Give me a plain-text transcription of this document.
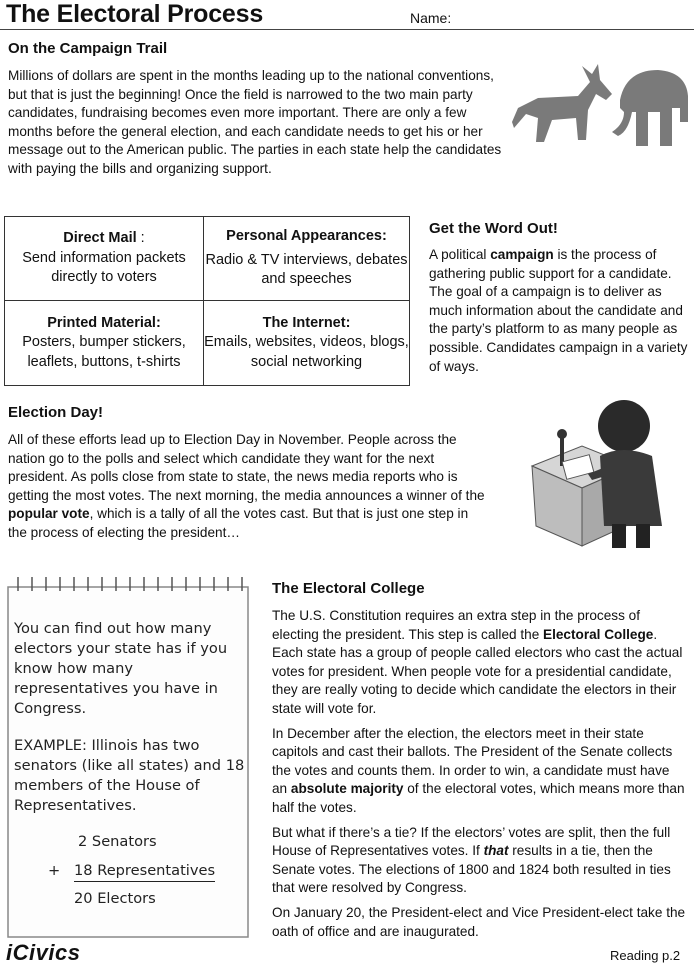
The Electoral Process	Name:
On the Campaign Trail

Millions of dollars are spent in the months leading up to the national conventions, but that is just the beginning! Once the field is narrowed to the two main party candidates, fundraising becomes even more important. There are only a few months before the general election, and each candidate needs to get his or her message out to the American public. The parties in each state help the candidates with paying the bills and organizing support.

Direct Mail :
Send information packets directly to voters
Personal Appearances:
Radio & TV interviews, debates and speeches
Printed Material:
Posters, bumper stickers, leaflets, buttons, t-shirts
The Internet:
Emails, websites, videos, blogs, social networking
Get the Word Out!

A political campaign is the process of gathering public support for a candidate. The goal of a campaign is to deliver as much information about the candidate and the party’s platform to as many people as possible. Candidates campaign in a variety of ways.

Election Day!

All of these efforts lead up to Election Day in November. People across the nation go to the polls and select which candidate they want for the next president. As polls close from state to state, the news media reports who is getting the most votes. The next morning, the media announces a winner of the popular vote, which is a tally of all the votes cast. But that is just one step in the process of electing the president…

You can find out how many electors your state has if you know how many representatives you have in Congress.
EXAMPLE: Illinois has two senators (like all states) and 18 members of the House of Representatives.
2 Senators
+ 18 Representatives
20 Electors
The Electoral College

The U.S. Constitution requires an extra step in the process of electing the president. This step is called the Electoral College. Each state has a group of people called electors who cast the actual votes for president. When people vote for a presidential candidate, they are really voting to decide which candidate the electors in their state will vote for.

In December after the election, the electors meet in their state capitols and cast their ballots. The President of the Senate collects the votes and counts them. In order to win, a candidate must have an absolute majority of the electoral votes, which means more than half the votes.

But what if there’s a tie? If the electors’ votes are split, then the full House of Representatives votes. If that results in a tie, then the Senate votes. The elections of 1800 and 1824 both resulted in ties that were resolved by Congress.

On January 20, the President-elect and Vice President-elect take the oath of office and are inaugurated.

iCivics	Reading p.2
